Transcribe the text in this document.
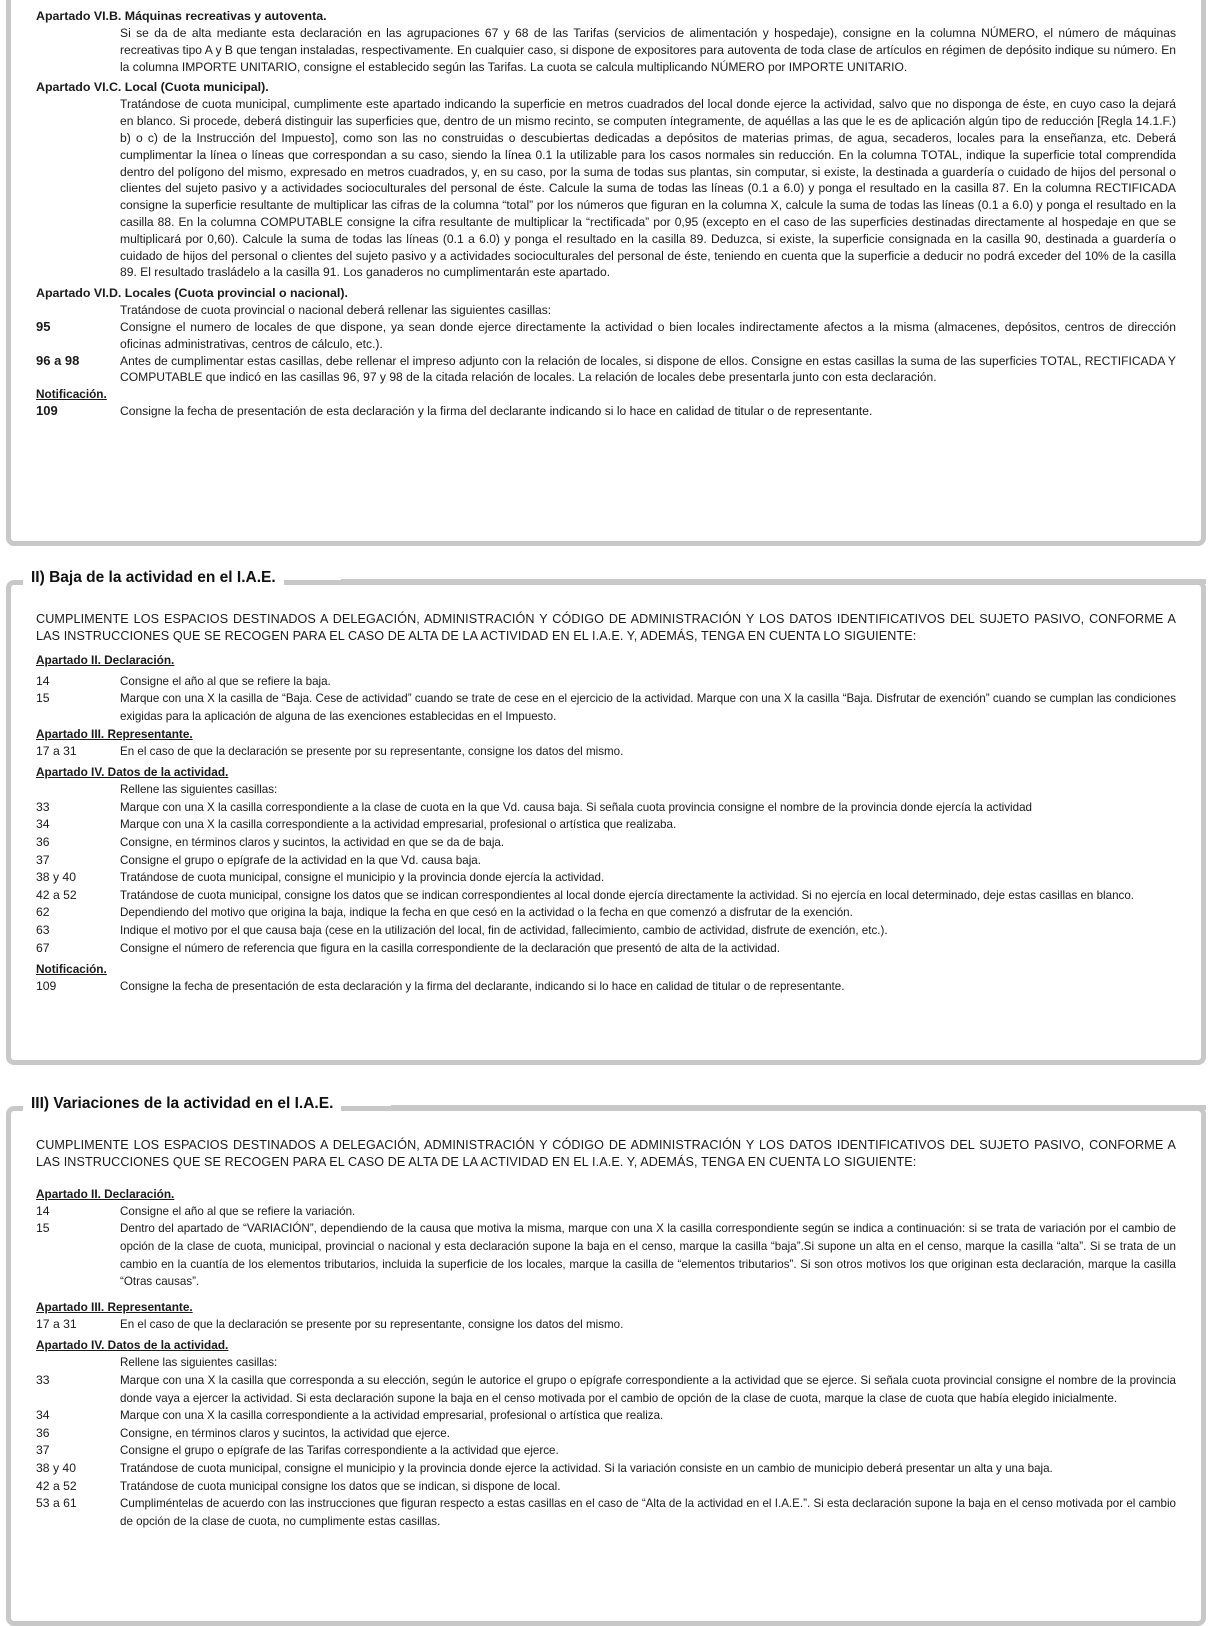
Apartado VI.B. Máquinas recreativas y autoventa.

Si se da de alta mediante esta declaración en las agrupaciones 67 y 68 de las Tarifas (servicios de alimentación y hospedaje), consigne en la columna NÚMERO, el número de máquinas recreativas tipo A y B que tengan instaladas, respectivamente. En cualquier caso, si dispone de expositores para autoventa de toda clase de artículos en régimen de depósito indique su número. En la columna IMPORTE UNITARIO, consigne el establecido según las Tarifas. La cuota se calcula multiplicando NÚMERO por IMPORTE UNITARIO.

Apartado VI.C. Local (Cuota municipal).

Tratándose de cuota municipal, cumplimente este apartado indicando la superficie en metros cuadrados del local donde ejerce la actividad, salvo que no disponga de éste, en cuyo caso la dejará en blanco. Si procede, deberá distinguir las superficies que, dentro de un mismo recinto, se computen íntegramente, de aquéllas a las que le es de aplicación algún tipo de reducción [Regla 14.1.F.) b) o c) de la Instrucción del Impuesto], como son las no construidas o descubiertas dedicadas a depósitos de materias primas, de agua, secaderos, locales para la enseñanza, etc. Deberá cumplimentar la línea o líneas que correspondan a su caso, siendo la línea 0.1 la utilizable para los casos normales sin reducción. En la columna TOTAL, indique la superficie total comprendida dentro del polígono del mismo, expresado en metros cuadrados, y, en su caso, por la suma de todas sus plantas, sin computar, si existe, la destinada a guardería o cuidado de hijos del personal o clientes del sujeto pasivo y a actividades socioculturales del personal de éste. Calcule la suma de todas las líneas (0.1 a 6.0) y ponga el resultado en la casilla 87. En la columna RECTIFICADA consigne la superficie resultante de multiplicar las cifras de la columna “total” por los números que figuran en la columna X, calcule la suma de todas las líneas (0.1 a 6.0) y ponga el resultado en la casilla 88. En la columna COMPUTABLE consigne la cifra resultante de multiplicar la “rectificada” por 0,95 (excepto en el caso de las superficies destinadas directamente al hospedaje en que se multiplicará por 0,60). Calcule la suma de todas las líneas (0.1 a 6.0) y ponga el resultado en la casilla 89. Deduzca, si existe, la superficie consignada en la casilla 90, destinada a guardería o cuidado de hijos del personal o clientes del sujeto pasivo y a actividades socioculturales del personal de éste, teniendo en cuenta que la superficie a deducir no podrá exceder del 10% de la casilla 89. El resultado trasládelo a la casilla 91. Los ganaderos no cumplimentarán este apartado.

Apartado VI.D. Locales (Cuota provincial o nacional).

Tratándose de cuota provincial o nacional deberá rellenar las siguientes casillas:

95	Consigne el numero de locales de que dispone, ya sean donde ejerce directamente la actividad o bien locales indirectamente afectos a la misma (almacenes, depósitos, centros de dirección oficinas administrativas, centros de cálculo, etc.).
96 a 98	Antes de cumplimentar estas casillas, debe rellenar el impreso adjunto con la relación de locales, si dispone de ellos. Consigne en estas casillas la suma de las superficies TOTAL, RECTIFICADA Y COMPUTABLE que indicó en las casillas 96, 97 y 98 de la citada relación de locales. La relación de locales debe presentarla junto con esta declaración.
Notificación.
109	Consigne la fecha de presentación de esta declaración y la firma del declarante indicando si lo hace en calidad de titular o de representante.
II) Baja de la actividad en el I.A.E.

CUMPLIMENTE LOS ESPACIOS DESTINADOS A DELEGACIÓN, ADMINISTRACIÓN Y CÓDIGO DE ADMINISTRACIÓN Y LOS DATOS IDENTIFICATIVOS DEL SUJETO PASIVO, CONFORME A LAS INSTRUCCIONES QUE SE RECOGEN PARA EL CASO DE ALTA DE LA ACTIVIDAD EN EL I.A.E. Y, ADEMÁS, TENGA EN CUENTA LO SIGUIENTE:

Apartado II. Declaración.
14	Consigne el año al que se refiere la baja.
15	Marque con una X la casilla de “Baja. Cese de actividad” cuando se trate de cese en el ejercicio de la actividad. Marque con una X la casilla “Baja. Disfrutar de exención” cuando se cumplan las condiciones exigidas para la aplicación de alguna de las exenciones establecidas en el Impuesto.
Apartado III. Representante.
17 a 31	En el caso de que la declaración se presente por su representante, consigne los datos del mismo.
Apartado IV. Datos de la actividad.

Rellene las siguientes casillas:

33	Marque con una X la casilla correspondiente a la clase de cuota en la que Vd. causa baja. Si señala cuota provincia consigne el nombre de la provincia donde ejercía la actividad
34	Marque con una X la casilla correspondiente a la actividad empresarial, profesional o artística que realizaba.
36	Consigne, en términos claros y sucintos, la actividad en que se da de baja.
37	Consigne el grupo o epígrafe de la actividad en la que Vd. causa baja.
38 y 40	Tratándose de cuota municipal, consigne el municipio y la provincia donde ejercía la actividad.
42 a 52	Tratándose de cuota municipal, consigne los datos que se indican correspondientes al local donde ejercía directamente la actividad. Si no ejercía en local determinado, deje estas casillas en blanco.
62	Dependiendo del motivo que origina la baja, indique la fecha en que cesó en la actividad o la fecha en que comenzó a disfrutar de la exención.
63	Indique el motivo por el que causa baja (cese en la utilización del local, fin de actividad, fallecimiento, cambio de actividad, disfrute de exención, etc.).
67	Consigne el número de referencia que figura en la casilla correspondiente de la declaración que presentó de alta de la actividad.
Notificación.
109	Consigne la fecha de presentación de esta declaración y la firma del declarante, indicando si lo hace en calidad de titular o de representante.
III) Variaciones de la actividad en el I.A.E.

CUMPLIMENTE LOS ESPACIOS DESTINADOS A DELEGACIÓN, ADMINISTRACIÓN Y CÓDIGO DE ADMINISTRACIÓN Y LOS DATOS IDENTIFICATIVOS DEL SUJETO PASIVO, CONFORME A LAS INSTRUCCIONES QUE SE RECOGEN PARA EL CASO DE ALTA DE LA ACTIVIDAD EN EL I.A.E. Y, ADEMÁS, TENGA EN CUENTA LO SIGUIENTE:

Apartado II. Declaración.
14	Consigne el año al que se refiere la variación.
15	Dentro del apartado de “VARIACIÓN”, dependiendo de la causa que motiva la misma, marque con una X la casilla correspondiente según se indica a continuación: si se trata de variación por el cambio de opción de la clase de cuota, municipal, provincial o nacional y esta declaración supone la baja en el censo, marque la casilla “baja”.Si supone un alta en el censo, marque la casilla “alta”. Si se trata de un cambio en la cuantía de los elementos tributarios, incluida la superficie de los locales, marque la casilla de “elementos tributarios”. Si son otros motivos los que originan esta declaración, marque la casilla “Otras causas”.
Apartado III. Representante.
17 a 31	En el caso de que la declaración se presente por su representante, consigne los datos del mismo.
Apartado IV. Datos de la actividad.

Rellene las siguientes casillas:

33	Marque con una X la casilla que corresponda a su elección, según le autorice el grupo o epígrafe correspondiente a la actividad que se ejerce. Si señala cuota provincial consigne el nombre de la provincia donde vaya a ejercer la actividad. Si esta declaración supone la baja en el censo motivada por el cambio de opción de la clase de cuota, marque la clase de cuota que había elegido inicialmente.
34	Marque con una X la casilla correspondiente a la actividad empresarial, profesional o artística que realiza.
36	Consigne, en términos claros y sucintos, la actividad que ejerce.
37	Consigne el grupo o epígrafe de las Tarifas correspondiente a la actividad que ejerce.
38 y 40	Tratándose de cuota municipal, consigne el municipio y la provincia donde ejerce la actividad. Si la variación consiste en un cambio de municipio deberá presentar un alta y una baja.
42 a 52	Tratándose de cuota municipal consigne los datos que se indican, si dispone de local.
53 a 61	Cumpliméntelas de acuerdo con las instrucciones que figuran respecto a estas casillas en el caso de “Alta de la actividad en el I.A.E.”. Si esta declaración supone la baja en el censo motivada por el cambio de opción de la clase de cuota, no cumplimente estas casillas.
